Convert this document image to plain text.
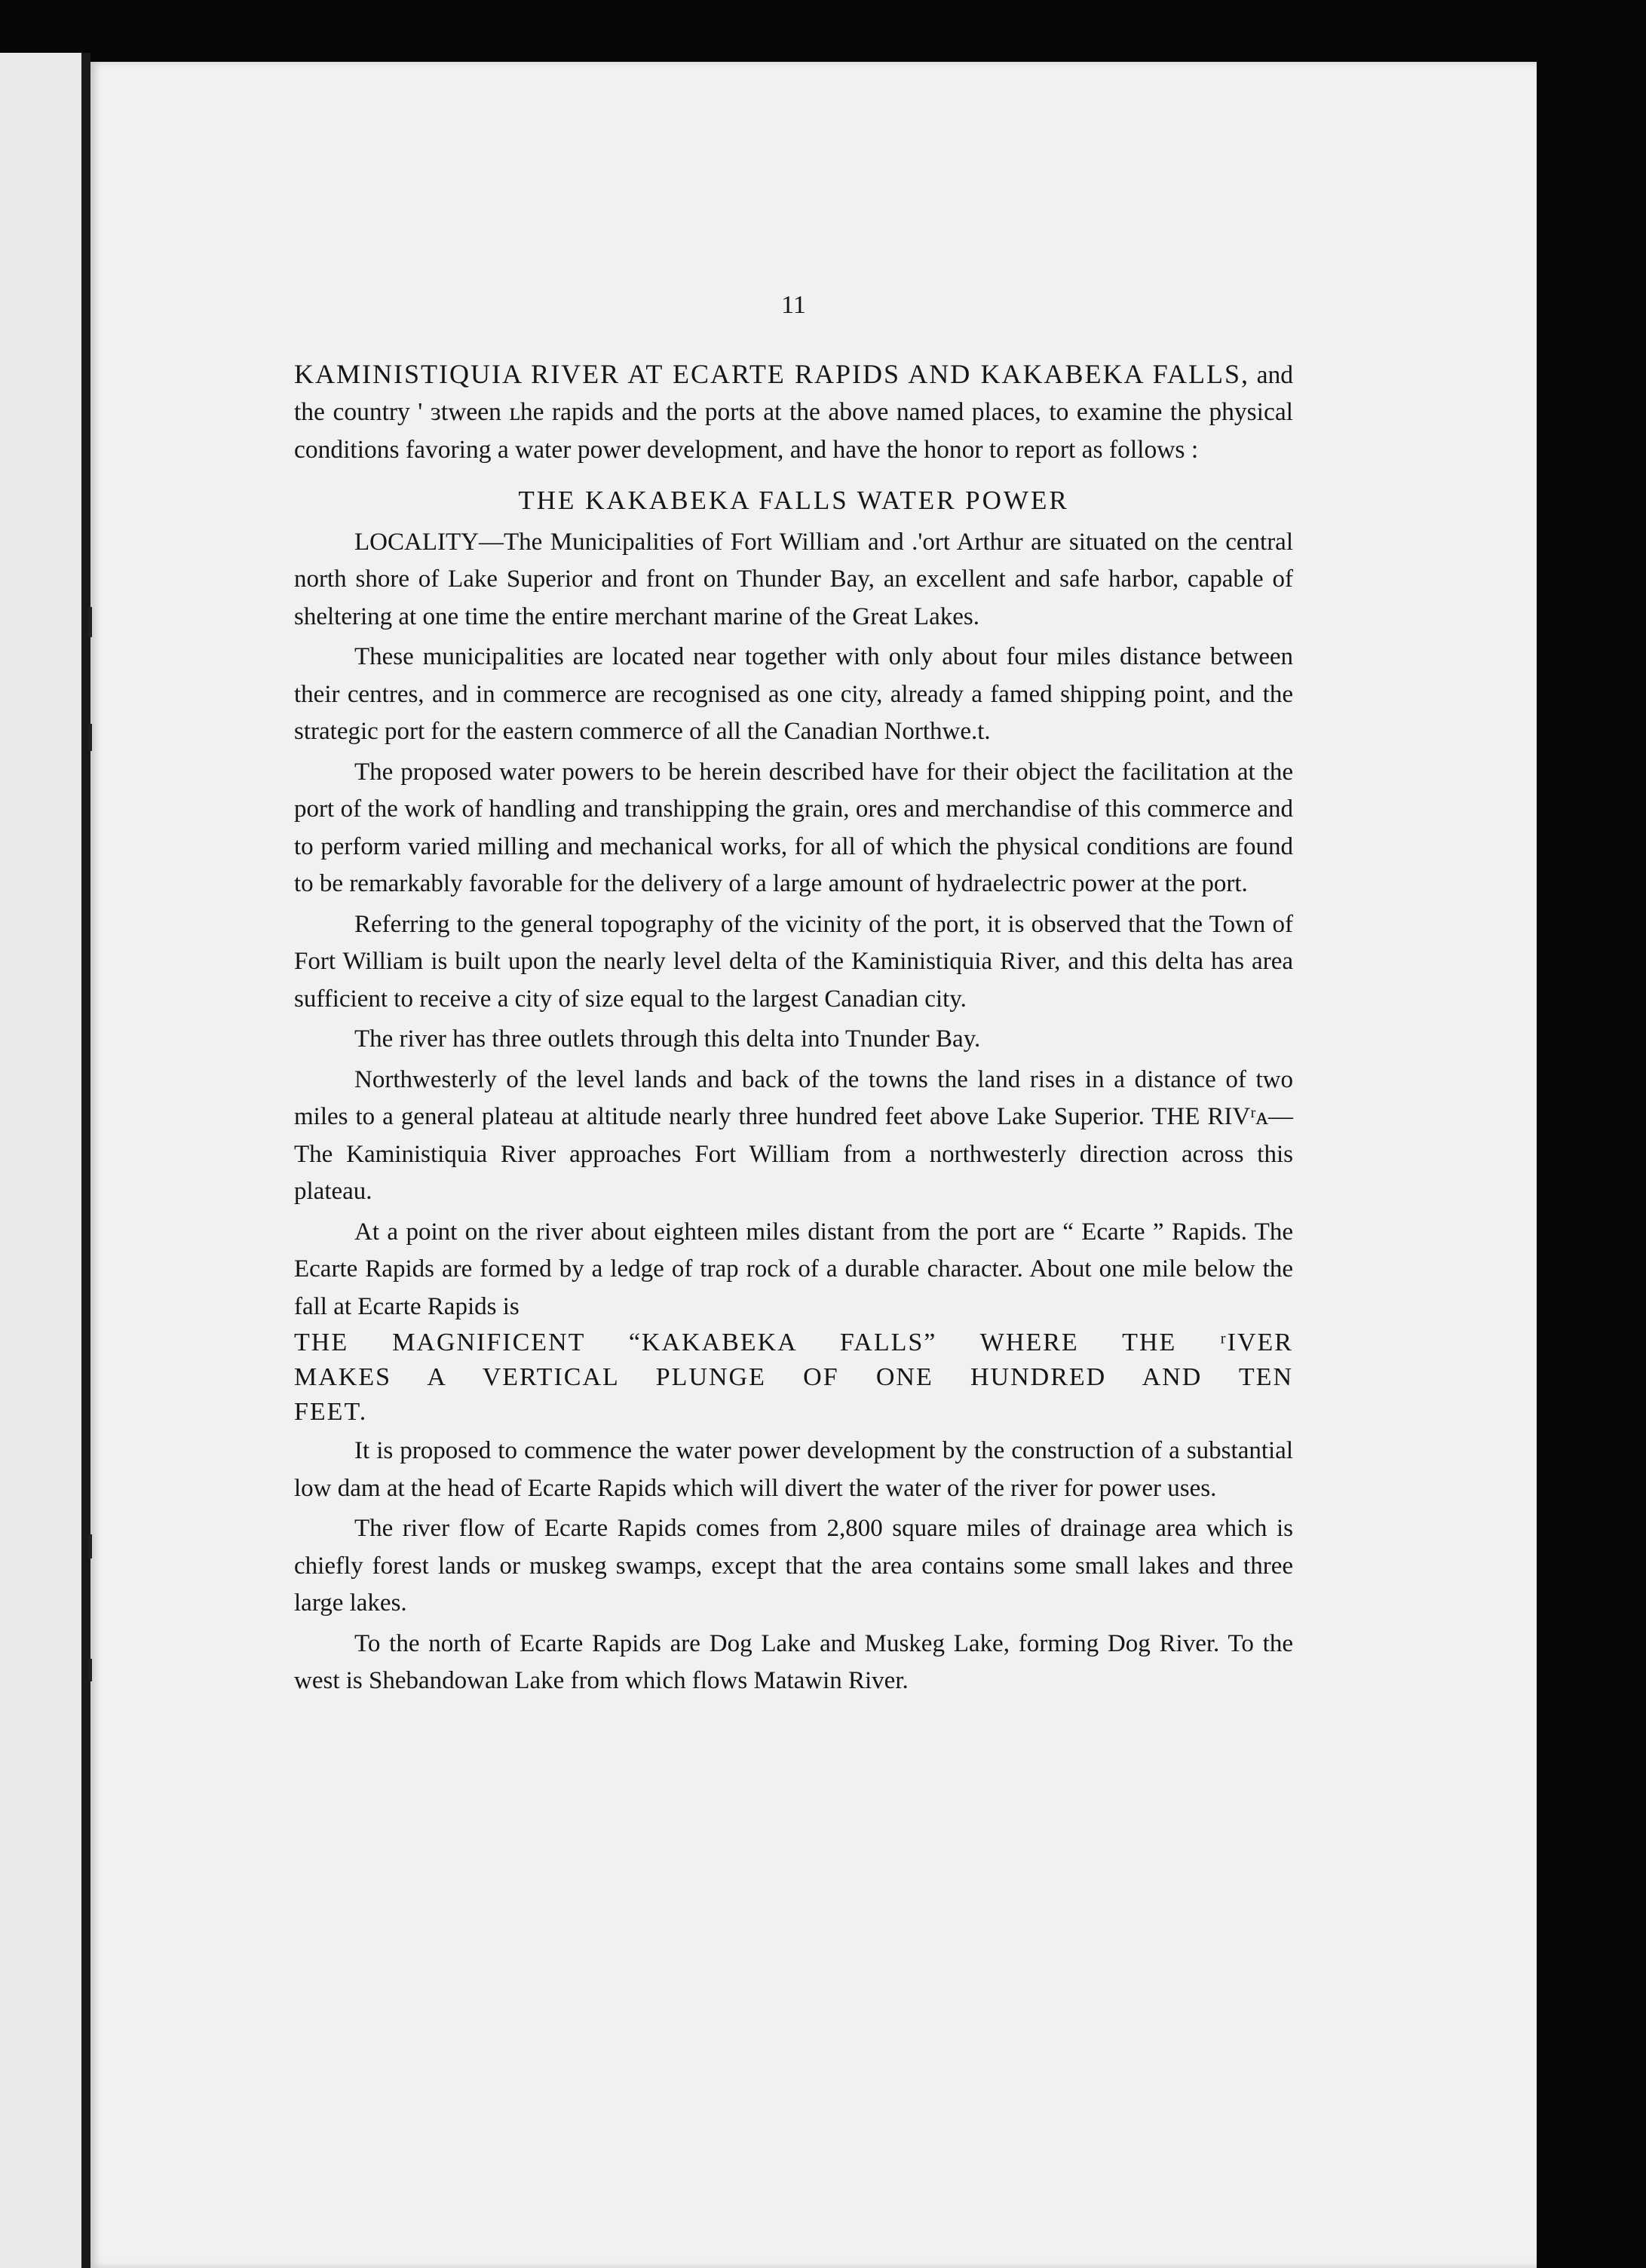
11

KAMINISTIQUIA RIVER AT ECARTE RAPIDS AND KAKABEKA FALLS, and the country ' ɜtween ʟhe rapids and the ports at the above named places, to examine the physical conditions favoring a water power development, and have the honor to report as follows :

THE KAKABEKA FALLS WATER POWER

LOCALITY—The Municipalities of Fort William and .'ort Arthur are situated on the central north shore of Lake Superior and front on Thunder Bay, an excellent and safe harbor, capable of sheltering at one time the entire merchant marine of the Great Lakes.

These municipalities are located near together with only about four miles distance between their centres, and in commerce are recognised as one city, already a famed shipping point, and the strategic port for the eastern commerce of all the Canadian Northwe.t.

The proposed water powers to be herein described have for their object the facilitation at the port of the work of handling and transhipping the grain, ores and merchandise of this commerce and to perform varied milling and mechanical works, for all of which the physical conditions are found to be remarkably favorable for the delivery of a large amount of hydraelectric power at the port.

Referring to the general topography of the vicinity of the port, it is observed that the Town of Fort William is built upon the nearly level delta of the Kaministiquia River, and this delta has area sufficient to receive a city of size equal to the largest Canadian city.

The river has three outlets through this delta into Tnunder Bay.

Northwesterly of the level lands and back of the towns the land rises in a distance of two miles to a general plateau at altitude nearly three hundred feet above Lake Superior. THE RIVʳᴀ—The Kaministiquia River approaches Fort William from a northwesterly direction across this plateau.

At a point on the river about eighteen miles distant from the port are “ Ecarte ” Rapids. The Ecarte Rapids are formed by a ledge of trap rock of a durable character. About one mile below the fall at Ecarte Rapids is
THE MAGNIFICENT “KAKABEKA FALLS” WHERE THE ʳIVER
MAKES A VERTICAL PLUNGE OF ONE HUNDRED AND TEN
FEET.

It is proposed to commence the water power development by the construction of a substantial low dam at the head of Ecarte Rapids which will divert the water of the river for power uses.

The river flow of Ecarte Rapids comes from 2,800 square miles of drainage area which is chiefly forest lands or muskeg swamps, except that the area contains some small lakes and three large lakes.

To the north of Ecarte Rapids are Dog Lake and Muskeg Lake, forming Dog River. To the west is Shebandowan Lake from which flows Matawin River.
